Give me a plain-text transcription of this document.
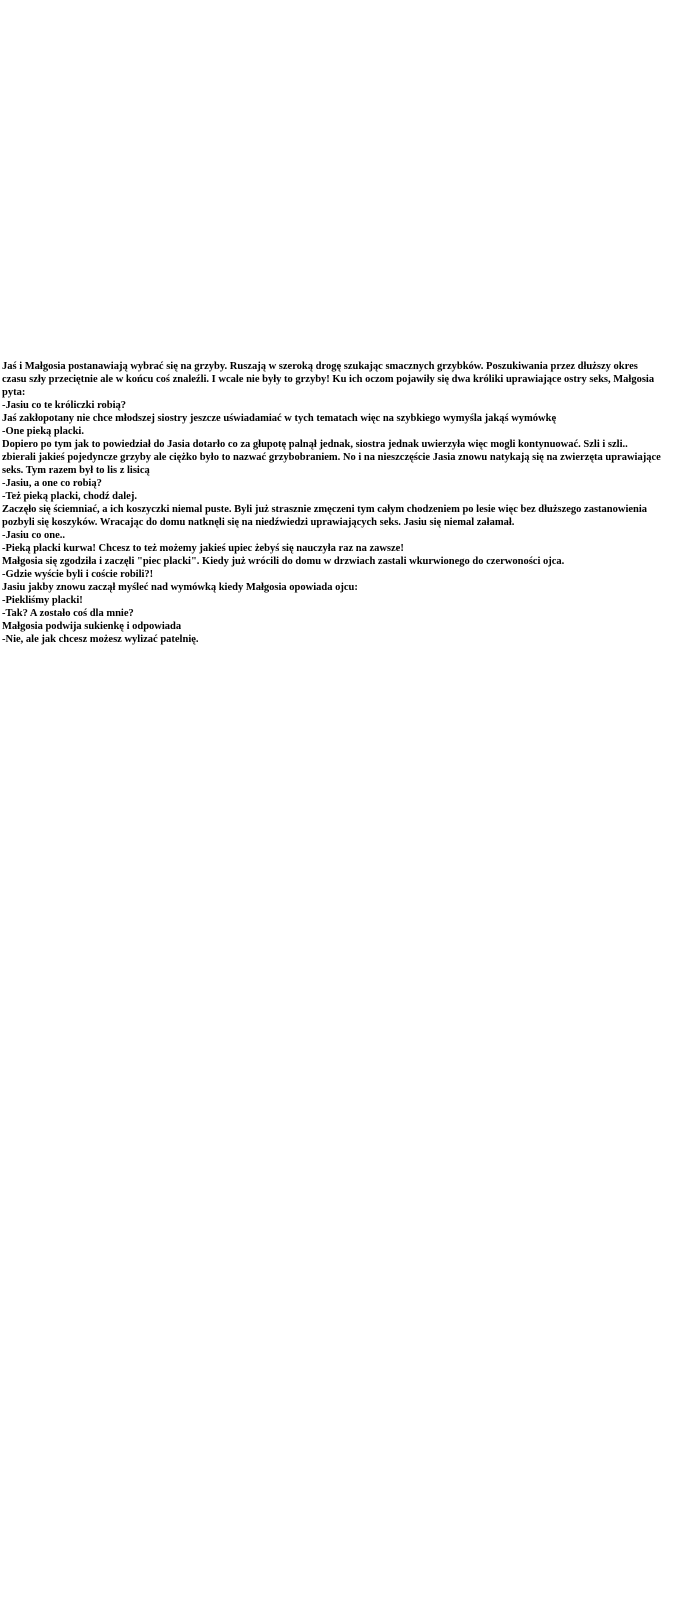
Jaś i Małgosia postanawiają wybrać się na grzyby. Ruszają w szeroką drogę szukając smacznych grzybków. Poszukiwania przez dłuższy okres czasu szły przeciętnie ale w końcu coś znaleźli. I wcale nie były to grzyby! Ku ich oczom pojawiły się dwa króliki uprawiające ostry seks, Małgosia pyta:

-Jasiu co te króliczki robią?

Jaś zakłopotany nie chce młodszej siostry jeszcze uświadamiać w tych tematach więc na szybkiego wymyśla jakąś wymówkę

-One pieką placki.

Dopiero po tym jak to powiedział do Jasia dotarło co za głupotę palnął jednak, siostra jednak uwierzyła więc mogli kontynuować. Szli i szli.. zbierali jakieś pojedyncze grzyby ale ciężko było to nazwać grzybobraniem. No i na nieszczęście Jasia znowu natykają się na zwierzęta uprawiające seks. Tym razem był to lis z lisicą

-Jasiu, a one co robią?

-Też pieką placki, chodź dalej.

Zaczęło się ściemniać, a ich koszyczki niemal puste. Byli już strasznie zmęczeni tym całym chodzeniem po lesie więc bez dłuższego zastanowienia pozbyli się koszyków. Wracając do domu natknęli się na niedźwiedzi uprawiających seks. Jasiu się niemal załamał.

-Jasiu co one..

-Pieką placki kurwa! Chcesz to też możemy jakieś upiec żebyś się nauczyła raz na zawsze!

Małgosia się zgodziła i zaczęli "piec placki". Kiedy już wrócili do domu w drzwiach zastali wkurwionego do czerwoności ojca.

-Gdzie wyście byli i coście robili?!

Jasiu jakby znowu zaczął myśleć nad wymówką kiedy Małgosia opowiada ojcu:

-Piekliśmy placki!

-Tak? A zostało coś dla mnie?

Małgosia podwija sukienkę i odpowiada

-Nie, ale jak chcesz możesz wylizać patelnię.
